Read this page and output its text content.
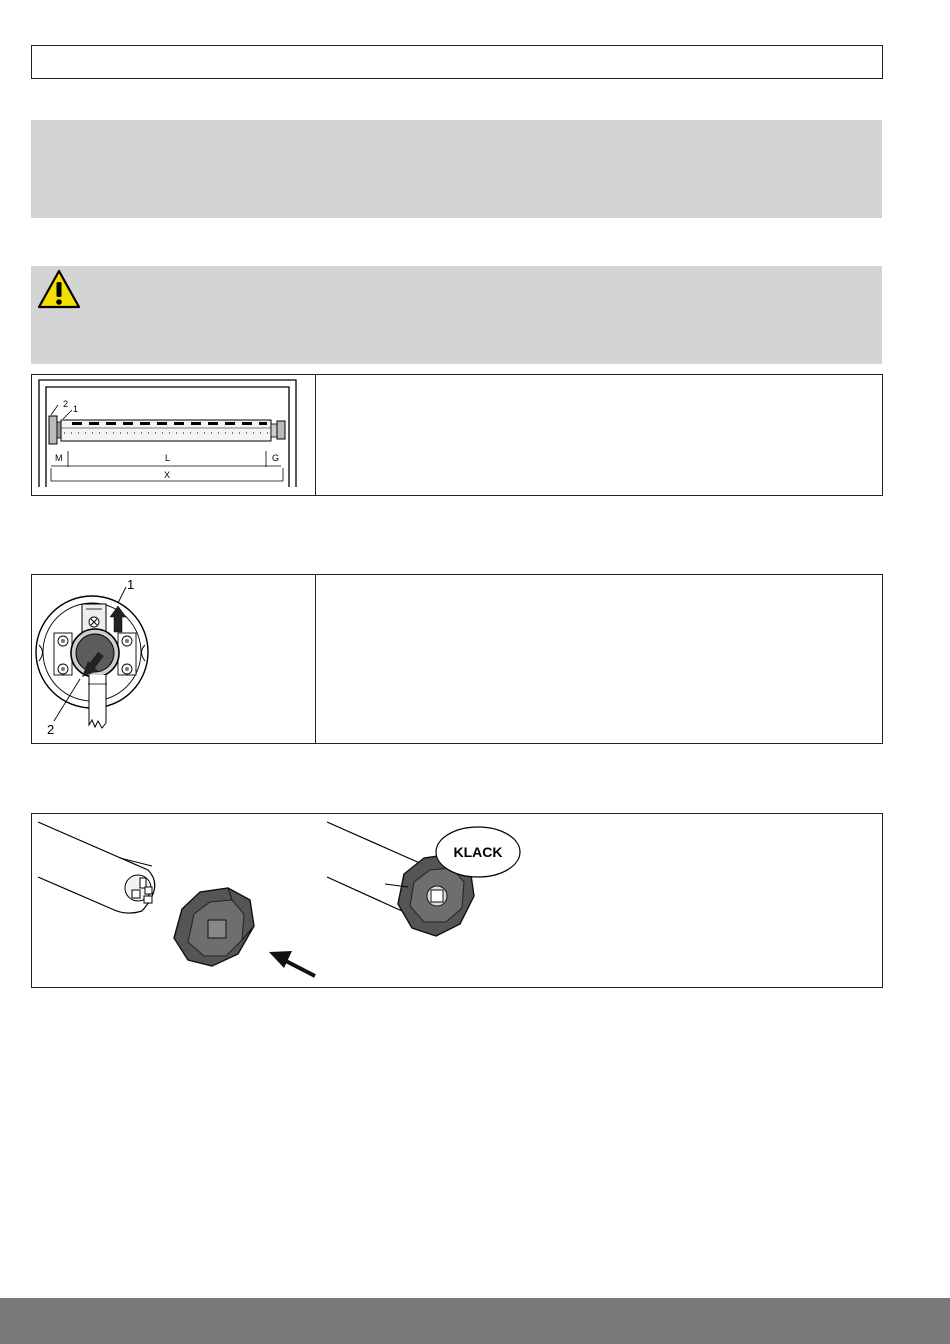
2 1
M	L	G
X
1
2
KLACK
